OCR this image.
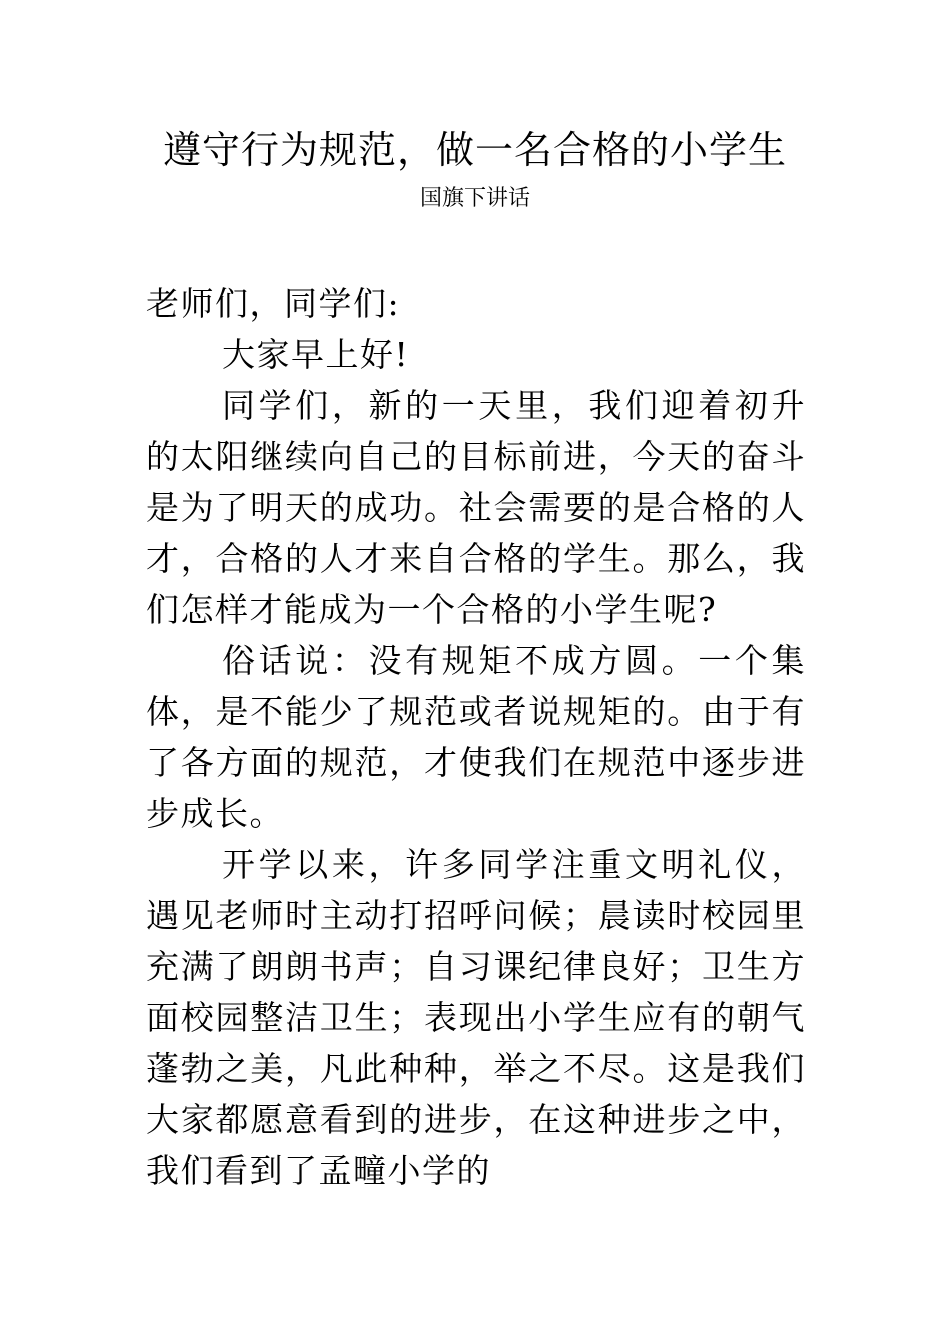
遵守行为规范，做一名合格的小学生
国旗下讲话

老师们，同学们:

大家早上好!

同学们，新的一天里，我们迎着初升的太阳继续向自己的目标前进，今天的奋斗是为了明天的成功。社会需要的是合格的人才，合格的人才来自合格的学生。那么，我们怎样才能成为一个合格的小学生呢?

俗话说：没有规矩不成方圆。一个集体，是不能少了规范或者说规矩的。由于有了各方面的规范，才使我们在规范中逐步进步成长。

开学以来，许多同学注重文明礼仪，遇见老师时主动打招呼问候；晨读时校园里充满了朗朗书声；自习课纪律良好；卫生方面校园整洁卫生；表现出小学生应有的朝气蓬勃之美，凡此种种，举之不尽。这是我们大家都愿意看到的进步，在这种进步之中，我们看到了孟疃小学的
